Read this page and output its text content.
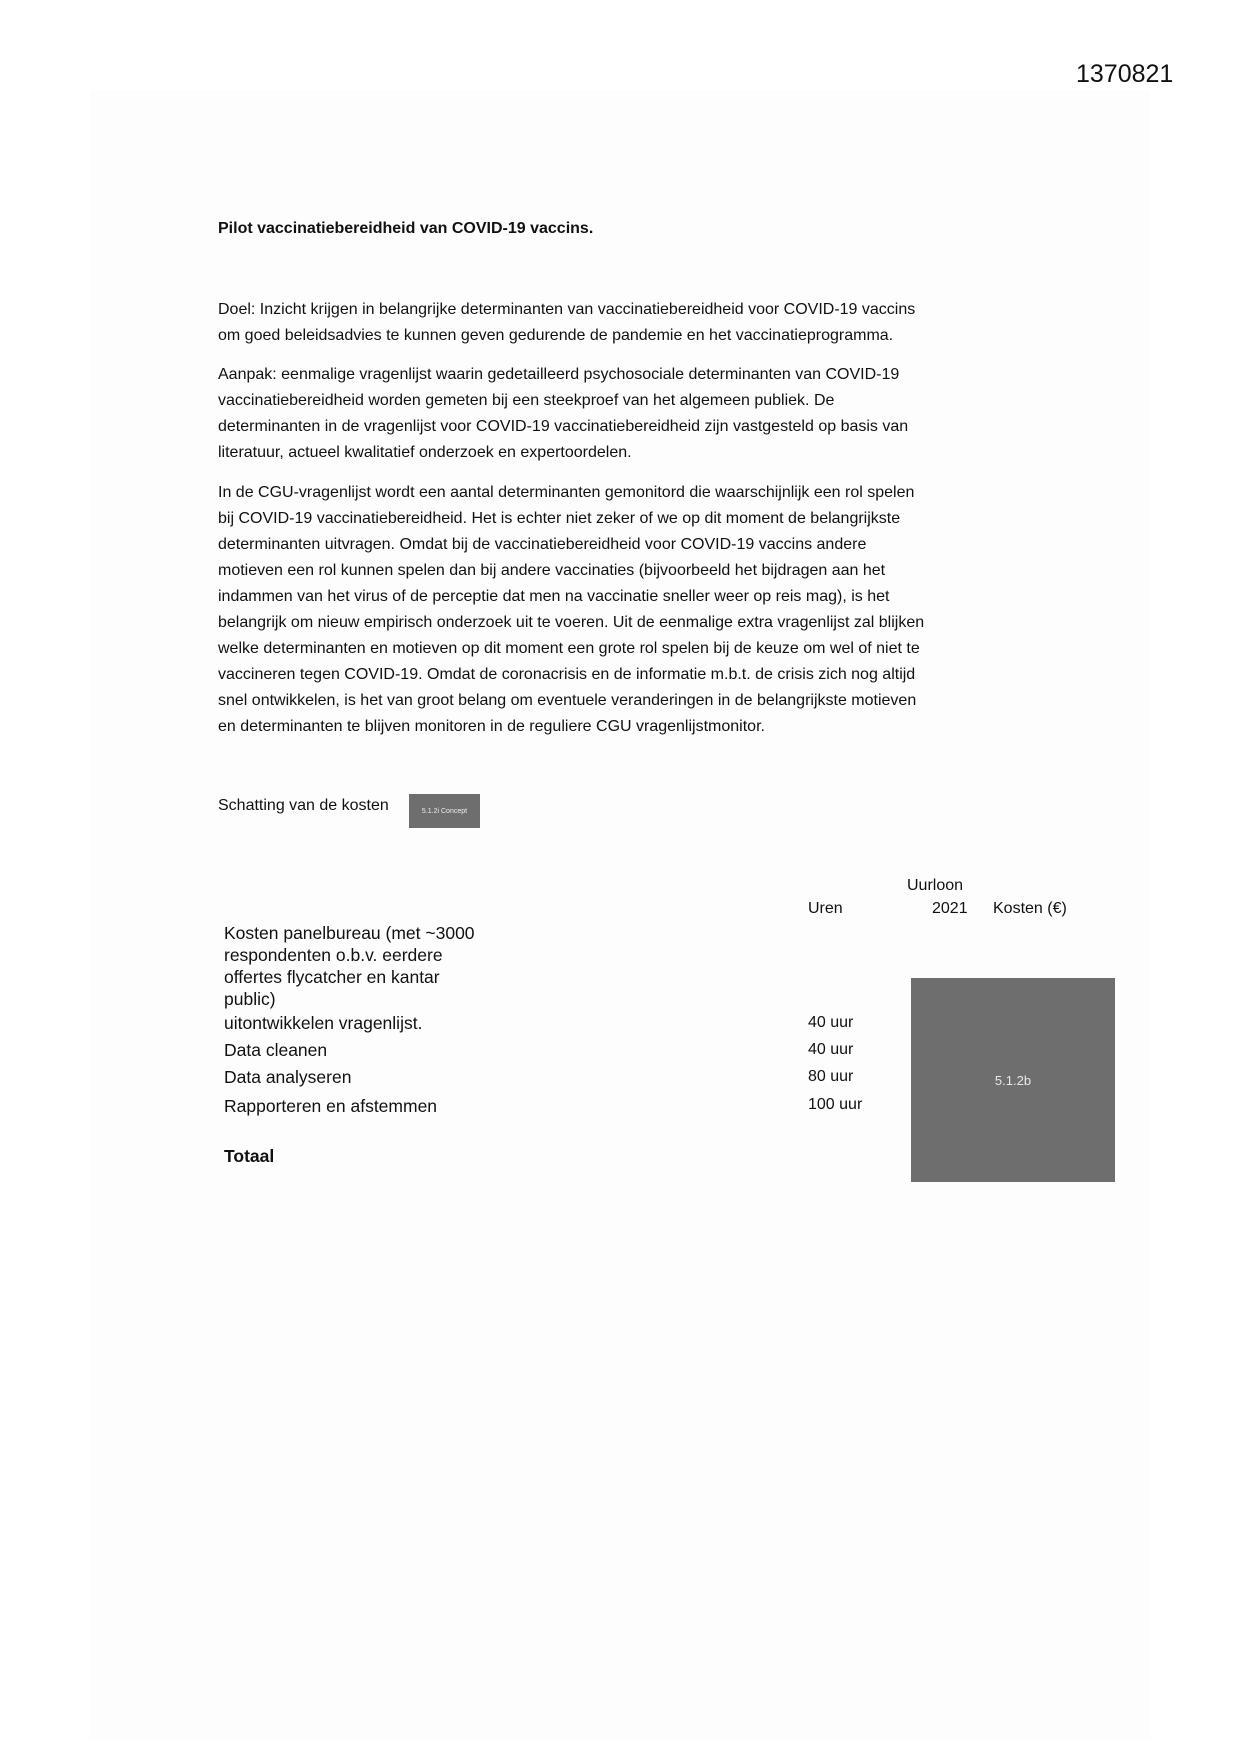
1370821
Pilot vaccinatiebereidheid van COVID-19 vaccins.
Doel: Inzicht krijgen in belangrijke determinanten van vaccinatiebereidheid voor COVID-19 vaccins
om goed beleidsadvies te kunnen geven gedurende de pandemie en het vaccinatieprogramma.
Aanpak: eenmalige vragenlijst waarin gedetailleerd psychosociale determinanten van COVID-19
vaccinatiebereidheid worden gemeten bij een steekproef van het algemeen publiek. De
determinanten in de vragenlijst voor COVID-19 vaccinatiebereidheid zijn vastgesteld op basis van
literatuur, actueel kwalitatief onderzoek en expertoordelen.
In de CGU-vragenlijst wordt een aantal determinanten gemonitord die waarschijnlijk een rol spelen
bij COVID-19 vaccinatiebereidheid. Het is echter niet zeker of we op dit moment de belangrijkste
determinanten uitvragen. Omdat bij de vaccinatiebereidheid voor COVID-19 vaccins andere
motieven een rol kunnen spelen dan bij andere vaccinaties (bijvoorbeeld het bijdragen aan het
indammen van het virus of de perceptie dat men na vaccinatie sneller weer op reis mag), is het
belangrijk om nieuw empirisch onderzoek uit te voeren. Uit de eenmalige extra vragenlijst zal blijken
welke determinanten en motieven op dit moment een grote rol spelen bij de keuze om wel of niet te
vaccineren tegen COVID-19. Omdat de coronacrisis en de informatie m.b.t. de crisis zich nog altijd
snel ontwikkelen, is het van groot belang om eventuele veranderingen in de belangrijkste motieven
en determinanten te blijven monitoren in de reguliere CGU vragenlijstmonitor.
Schatting van de kosten	5.1.2i Concept
Uurloon
Uren	2021 Kosten (€)
Kosten panelbureau (met ~3000
respondenten o.b.v. eerdere
offertes flycatcher en kantar
public)
uitontwikkelen vragenlijst.	40 uur
Data cleanen	40 uur
Data analyseren	80 uur
Rapporteren en afstemmen	100 uur
Totaal
5.1.2b
